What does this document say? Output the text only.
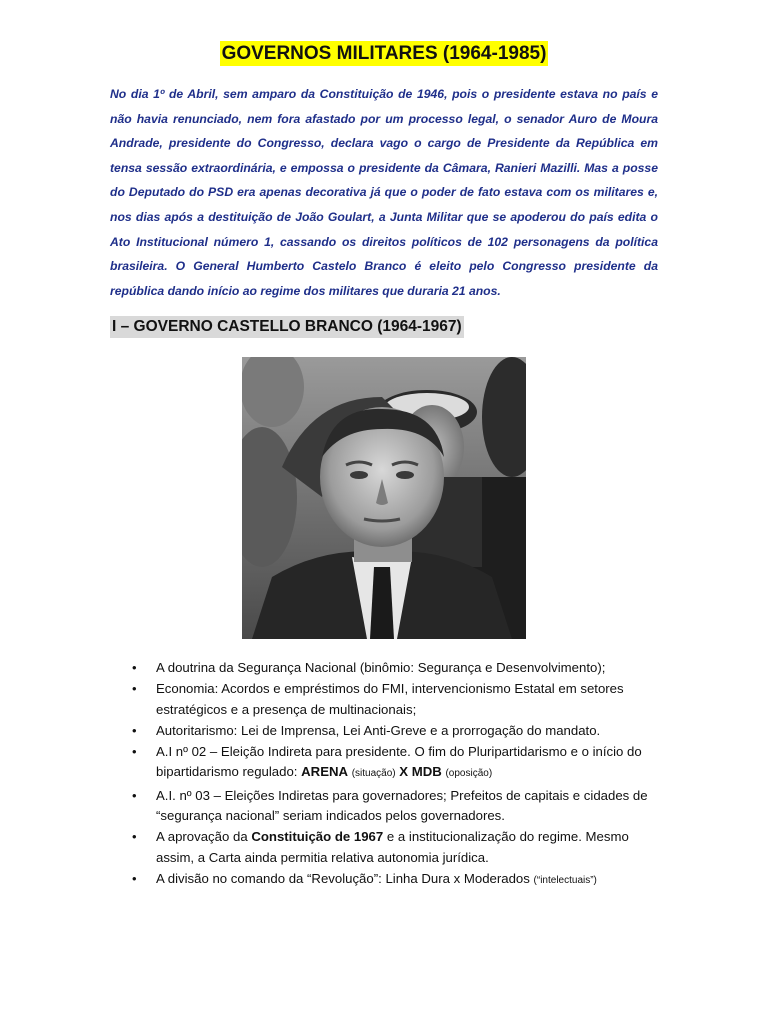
GOVERNOS MILITARES (1964-1985)

No dia 1º de Abril, sem amparo da Constituição de 1946, pois o presidente estava no país e não havia renunciado, nem fora afastado por um processo legal, o senador Auro de Moura Andrade, presidente do Congresso, declara vago o cargo de Presidente da República em tensa sessão extraordinária, e empossa o presidente da Câmara, Ranieri Mazilli. Mas a posse do Deputado do PSD era apenas decorativa já que o poder de fato estava com os militares e, nos dias após a destituição de João Goulart, a Junta Militar que se apoderou do país edita o Ato Institucional número 1, cassando os direitos políticos de 102 personagens da política brasileira. O General Humberto Castelo Branco é eleito pelo Congresso presidente da república dando início ao regime dos militares que duraria 21 anos.

I – GOVERNO CASTELLO BRANCO (1964-1967)
• A doutrina da Segurança Nacional (binômio: Segurança e Desenvolvimento);
• Economia: Acordos e empréstimos do FMI, intervencionismo Estatal em setores estratégicos e a presença de multinacionais;
• Autoritarismo: Lei de Imprensa, Lei Anti-Greve e a prorrogação do mandato.
• A.I nº 02 – Eleição Indireta para presidente. O fim do Pluripartidarismo e o início do bipartidarismo regulado: ARENA (situação) X MDB (oposição)
• A.I. nº 03 – Eleições Indiretas para governadores; Prefeitos de capitais e cidades de “segurança nacional” seriam indicados pelos governadores.
• A aprovação da Constituição de 1967 e a institucionalização do regime. Mesmo assim, a Carta ainda permitia relativa autonomia jurídica.
• A divisão no comando da “Revolução”: Linha Dura x Moderados (“intelectuais”)
